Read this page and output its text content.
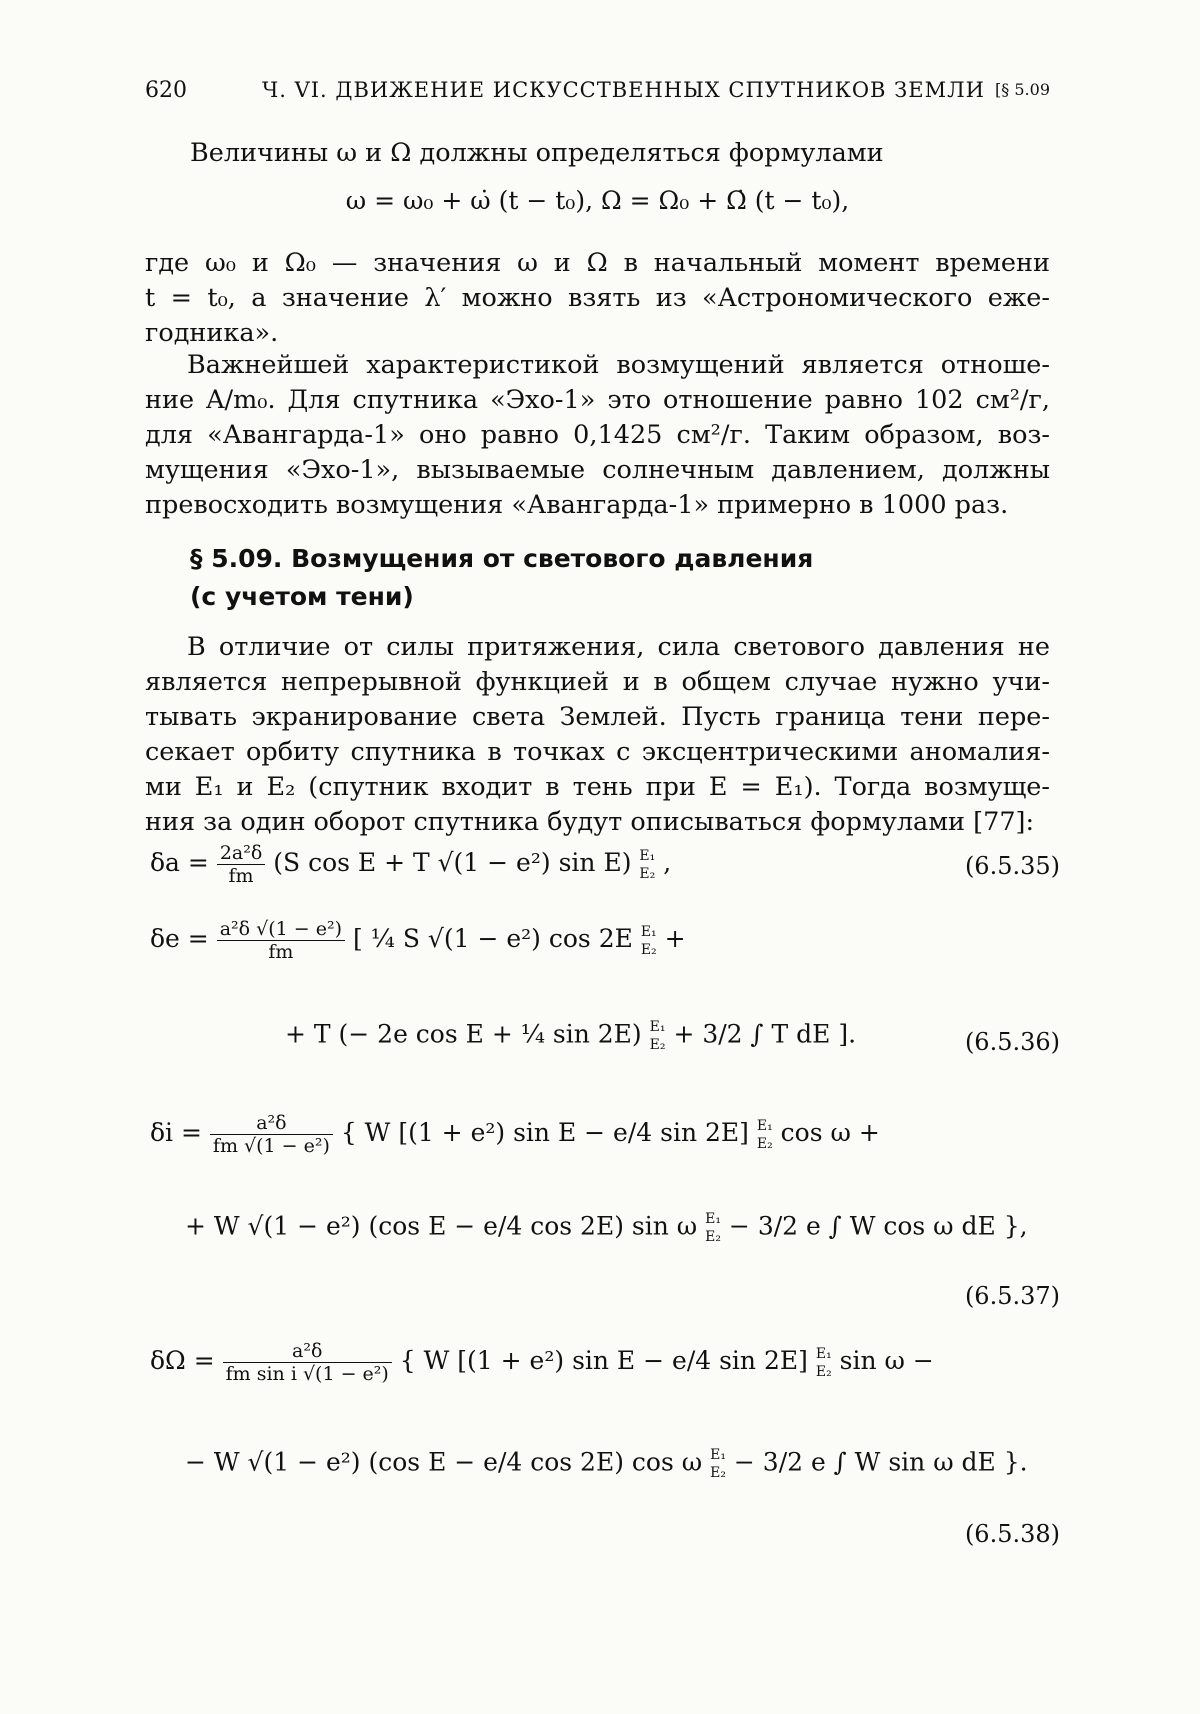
620	Ч. VI. ДВИЖЕНИЕ ИСКУССТВЕННЫХ СПУТНИКОВ ЗЕМЛИ [§ 5.09
Величины ω и Ω должны определяться формулами
ω = ω₀ + ω̇ (t − t₀), Ω = Ω₀ + Ω̇ (t − t₀),
где ω₀ и Ω₀ — значения ω и Ω в начальный момент времени
t = t₀, а значение λ′ можно взять из «Астрономического еже-
годника».
Важнейшей характеристикой возмущений является отноше-
ние A/m₀. Для спутника «Эхо-1» это отношение равно 102 см²/г,
для «Авангарда-1» оно равно 0,1425 см²/г. Таким образом, воз-
мущения «Эхо-1», вызываемые солнечным давлением, должны
превосходить возмущения «Авангарда-1» примерно в 1000 раз.
§ 5.09. Возмущения от светового давления
(с учетом тени)
В отличие от силы притяжения, сила светового давления не
является непрерывной функцией и в общем случае нужно учи-
тывать экранирование света Землей. Пусть граница тени пере-
секает орбиту спутника в точках с эксцентрическими аномалия-
ми E₁ и E₂ (спутник входит в тень при E = E₁). Тогда возмуще-
ния за один оборот спутника будут описываться формулами [77]:
$\delta a = \frac{\text{2a²δ}}{fm} (S$ cos E + T √(1 − e²) sin E) E₁
E₂ ,	(6.5.35)
$\delta e = \frac{\text{a²δ √(1 − e²)}}{fm}$ [ ¼ S √(1 − e²) cos 2E E₁
E₂ +
+ T (− 2e cos E + ¼ sin 2E) E₁
E₂ + 3/2 ∫ T dE ].	(6.5.36)
$\delta i = \frac{\text{a²δ}}{\text{fm √(1 − e²)}}$ { W [(1 + e²) sin E − e/4 sin 2E] E₁
E₂ cos ω +
+ W √(1 − e²) (cos E − e/4 cos 2E) sin ω E₁
E₂ − 3/2 e ∫ W cos ω dE },
(6.5.37)
$\delta\Omega = \frac{\text{a²δ}}{\text{fm sin i √(1 − e²)}}$ { W [(1 + e²) sin E − e/4 sin 2E] E₁
E₂ sin ω −
− W √(1 − e²) (cos E − e/4 cos 2E) cos ω E₁
E₂ − 3/2 e ∫ W sin ω dE }.
(6.5.38)
